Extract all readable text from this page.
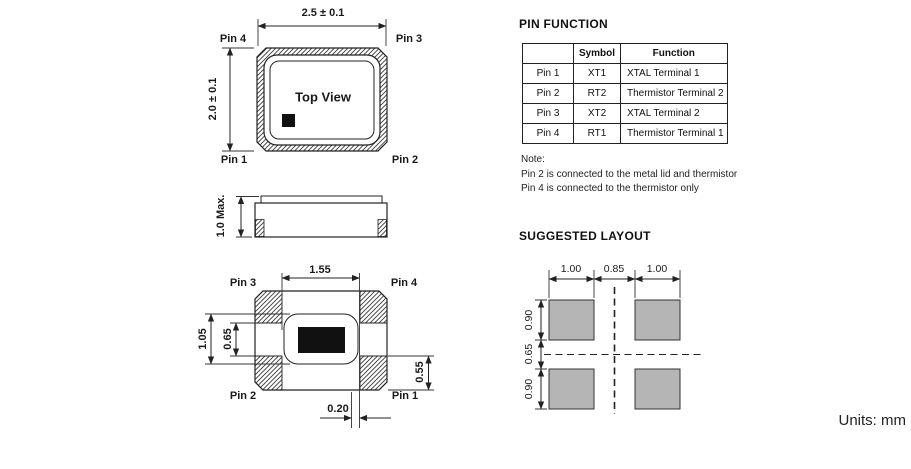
2.5 ± 0.1
2.0 ± 0.1
Pin 4	Pin 3
Pin 1	Pin 2
Top View
1.0 Max.
Pin 3	Pin 4
Pin 2	Pin 1
1.55
1.05 0.65
0.55
0.20
PIN FUNCTION
	Symbol	Function
Pin 1	XT1	XTAL Terminal 1
Pin 2	RT2	Thermistor Terminal 2
Pin 3	XT2	XTAL Terminal 2
Pin 4	RT1	Thermistor Terminal 1
Note:
Pin 2 is connected to the metal lid and thermistor
Pin 4 is connected to the thermistor only
SUGGESTED LAYOUT
1.00 0.85 1.00
0.90
0.65
0.90
Units: mm
